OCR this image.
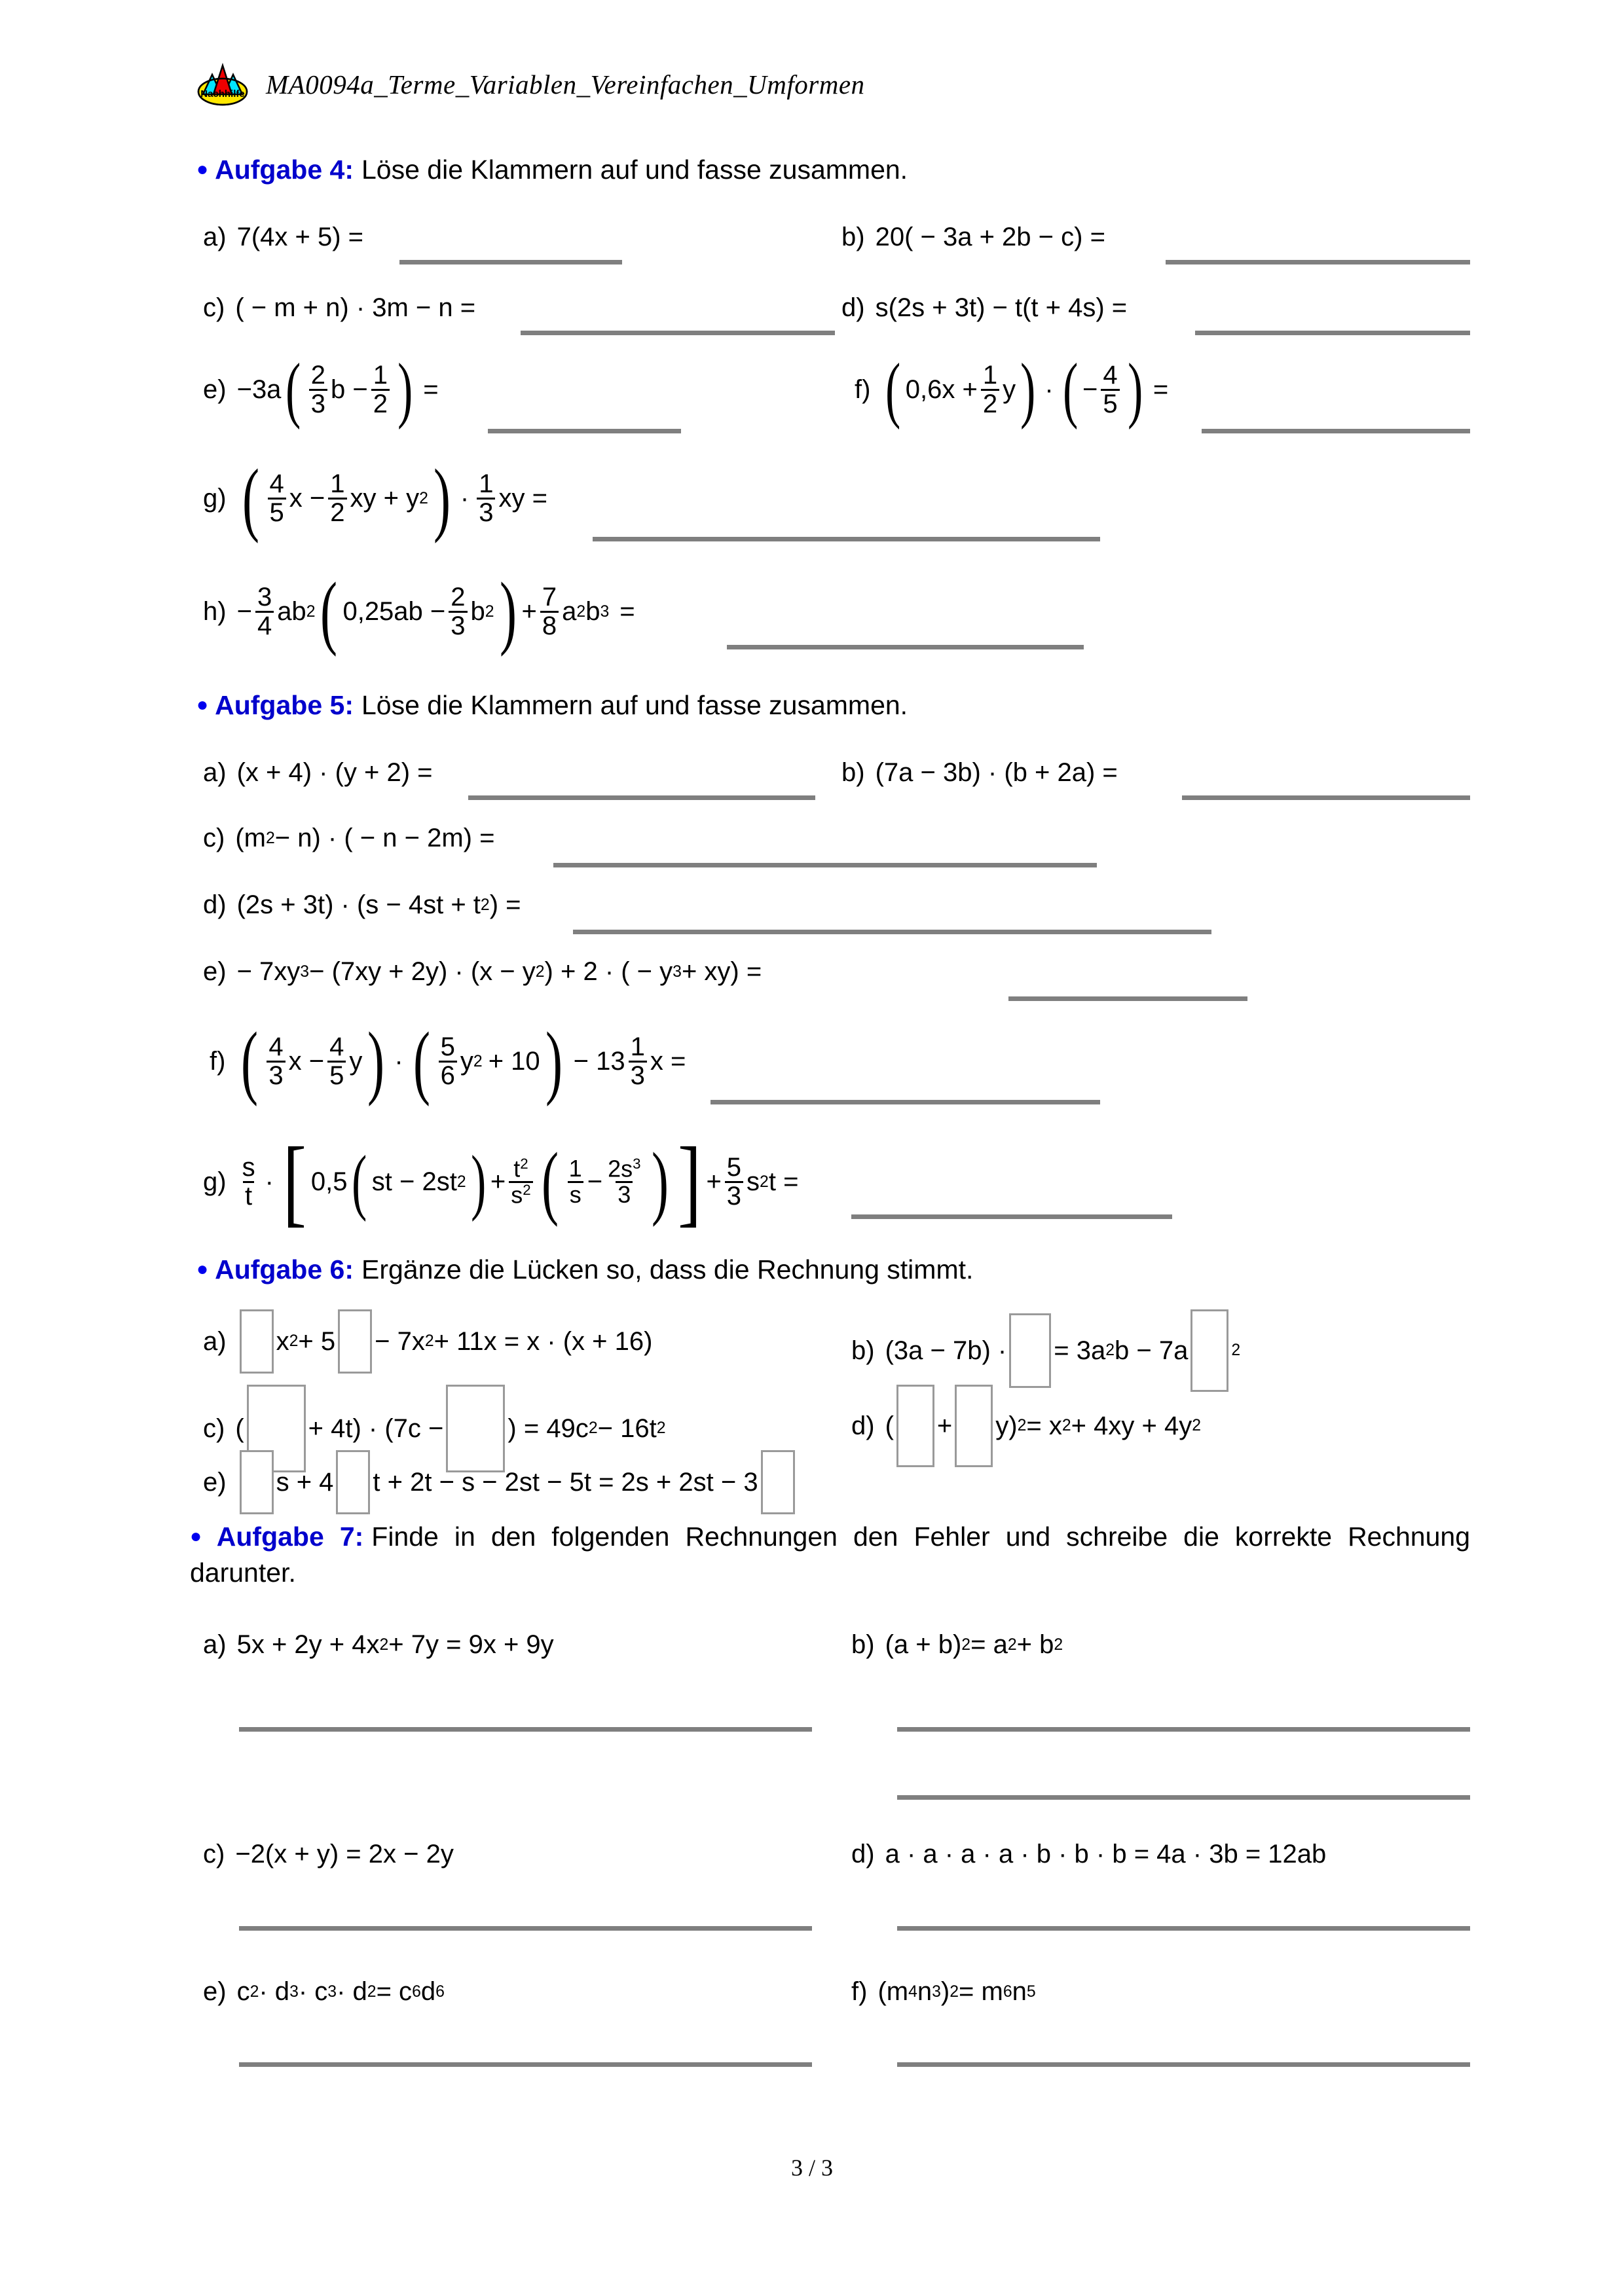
Nachhilfe MA0094a_Terme_Variablen_Vereinfachen_Umformen
● Aufgabe 4: Löse die Klammern auf und fasse zusammen.
a) 7(4x + 5) =	b) 20( − 3a + 2b − c) =
c) ( − m + n) · 3m − n =	d) s(2s + 3t) − t(t + 4s) =
e) −3a ( $\frac{2}{3}$ $b - \frac{1}{2}$ ) =	f) ( $0,6x + \frac{1}{2}$ y ) · ( − $\frac{4}{5}$ ) =
g) ( $\frac{4}{5}$ $x - \frac{1}{2}$ xy + y 2 ) · $\frac{1}{3}$ xy =
$h) - \frac{3}{4}$ ab 2 ( $0,25ab - \frac{2}{3}$ b 2 ) + $\frac{7}{8}$ a 2 b 3 =
● Aufgabe 5: Löse die Klammern auf und fasse zusammen.
a) (x + 4) · (y + 2) =	b) (7a − 3b) · (b + 2a) =
c) (m 2 − n) · ( − n − 2m) =
d) (2s + 3t) · (s − 4st + t 2 ) =
e) − 7xy 3 − (7xy + 2y) · (x − y 2 ) + 2 · ( − y 3 + xy) =
f) ( $\frac{4}{3}$ $x - \frac{4}{5}$ y ) · ( $\frac{5}{6}$ y 2 + 10 ) − $13 \frac{1}{3}$ x =
$g) \frac{s}{t}$ · [ 0,5 ( st − 2st 2 ) + $\frac{t^2}{s^2}$ ( $\frac{1}{s} - \frac{2s^3}{3}$ ) ] + $\frac{5}{3}$ s 2 t =
● Aufgabe 6: Ergänze die Lücken so, dass die Rechnung stimmt.
a) x 2 + 5 − 7x 2 + 11x = x · (x + 16)	b) (3a − 7b) · = 3a 2 b − 7a	2
c) ( + 4t) · (7c − ) = 49c 2 − 16t 2	d) ( + y) 2 = x 2 + 4xy + 4y 2
e) s + 4 t + 2t − s − 2st − 5t = 2s + 2st − 3
● Aufgabe 7: Finde in den folgenden Rechnungen den Fehler und schreibe die korrekte Rechnung darunter.
a) 5x + 2y + 4x 2 + 7y = 9x + 9y	b) (a + b) 2 = a 2 + b 2
c) −2(x + y) = 2x − 2y	d) a · a · a · a · b · b · b = 4a · 3b = 12ab
e) c 2 · d 3 · c 3 · d 2 = c 6 d 6	f) (m 4 n 3 ) 2 = m 6 n 5
3 / 3
